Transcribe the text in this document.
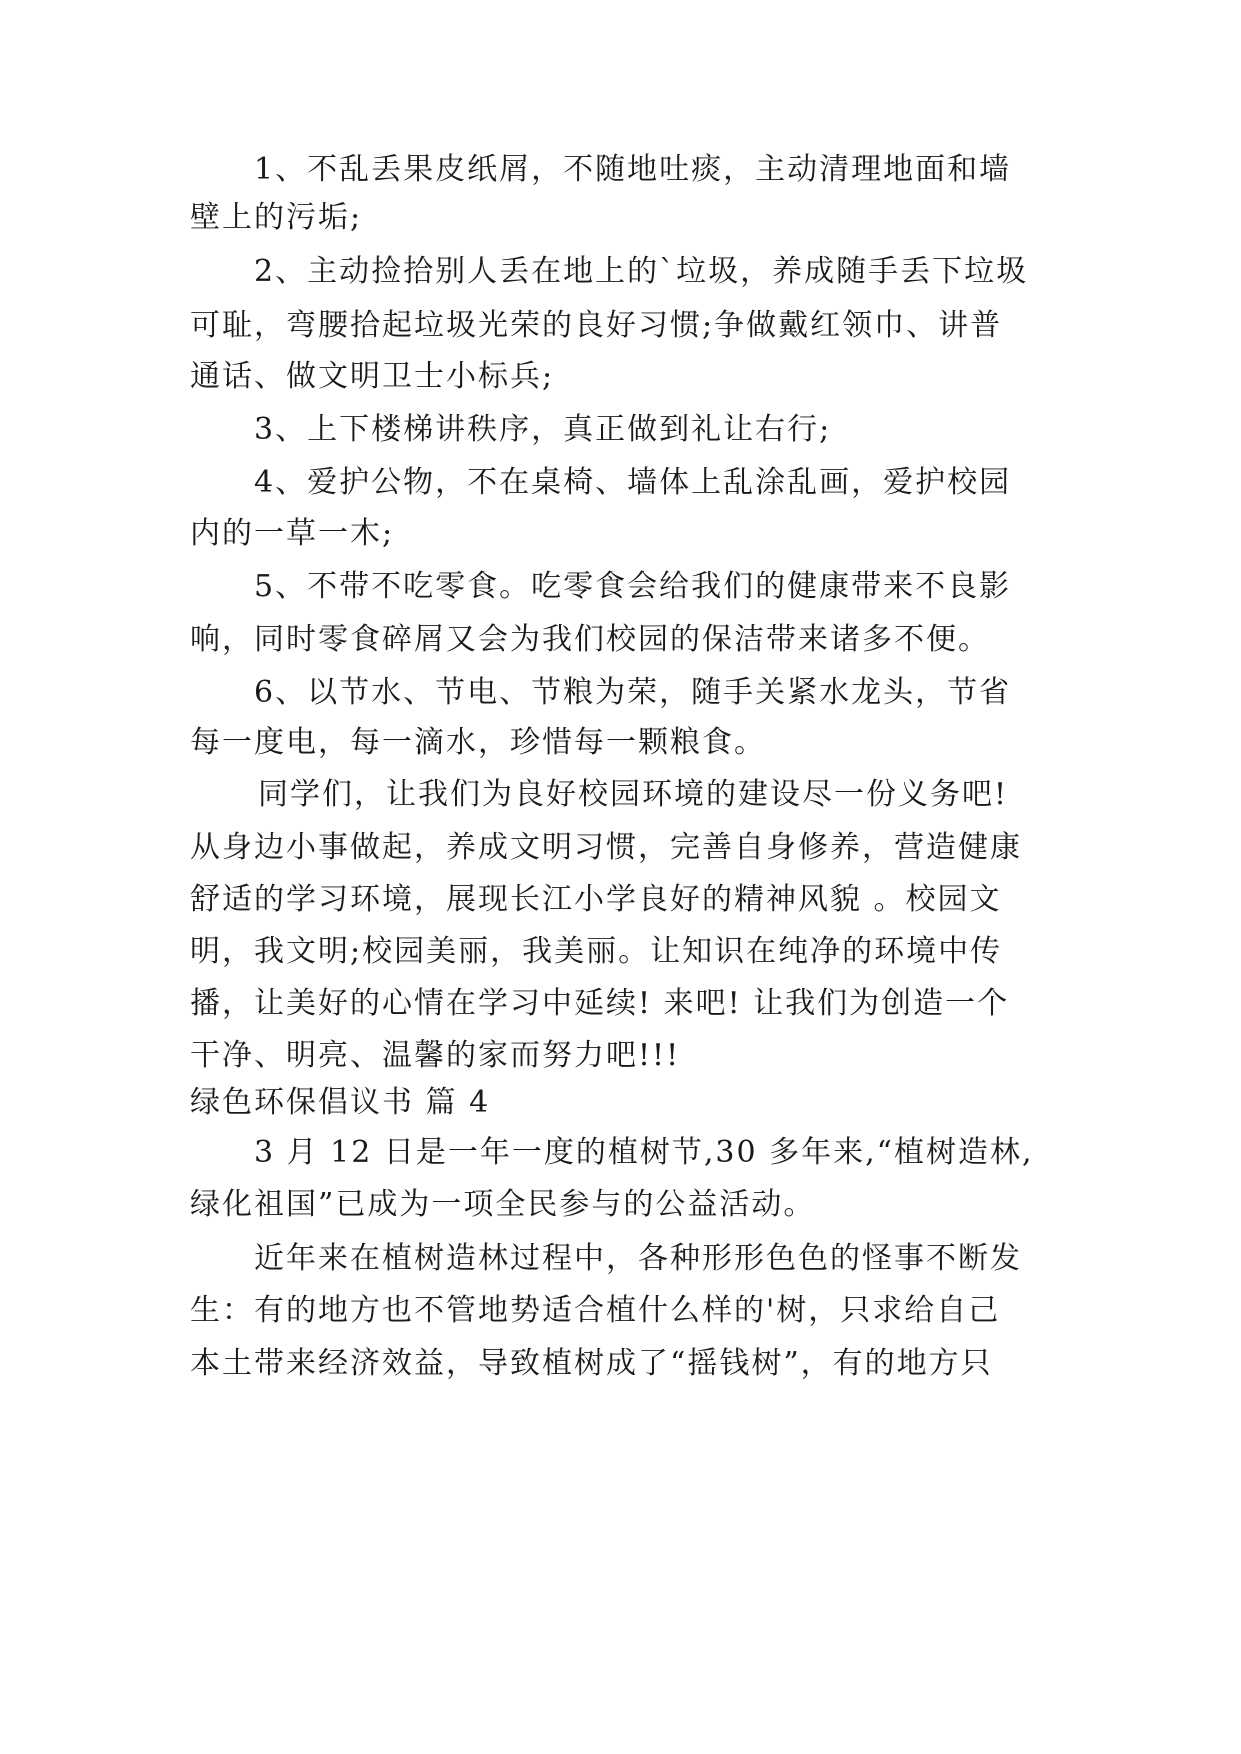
1、不乱丢果皮纸屑，不随地吐痰，主动清理地面和墙
壁上的污垢;
2、主动捡拾别人丢在地上的`垃圾，养成随手丢下垃圾
可耻，弯腰拾起垃圾光荣的良好习惯;争做戴红领巾、讲普
通话、做文明卫士小标兵;
3、上下楼梯讲秩序，真正做到礼让右行;
4、爱护公物，不在桌椅、墙体上乱涂乱画，爱护校园
内的一草一木;
5、不带不吃零食。吃零食会给我们的健康带来不良影
响，同时零食碎屑又会为我们校园的保洁带来诸多不便。
6、以节水、节电、节粮为荣，随手关紧水龙头，节省
每一度电，每一滴水，珍惜每一颗粮食。
同学们，让我们为良好校园环境的建设尽一份义务吧!
从身边小事做起，养成文明习惯，完善自身修养，营造健康
舒适的学习环境，展现长江小学良好的精神风貌 。校园文
明，我文明;校园美丽，我美丽。让知识在纯净的环境中传
播，让美好的心情在学习中延续! 来吧! 让我们为创造一个
干净、明亮、温馨的家而努力吧!!!
绿色环保倡议书 篇 4
3 月 12 日是一年一度的植树节,30 多年来,“植树造林,
绿化祖国”已成为一项全民参与的公益活动。
近年来在植树造林过程中，各种形形色色的怪事不断发
生：有的地方也不管地势适合植什么样的'树，只求给自己
本土带来经济效益，导致植树成了“摇钱树”，有的地方只
